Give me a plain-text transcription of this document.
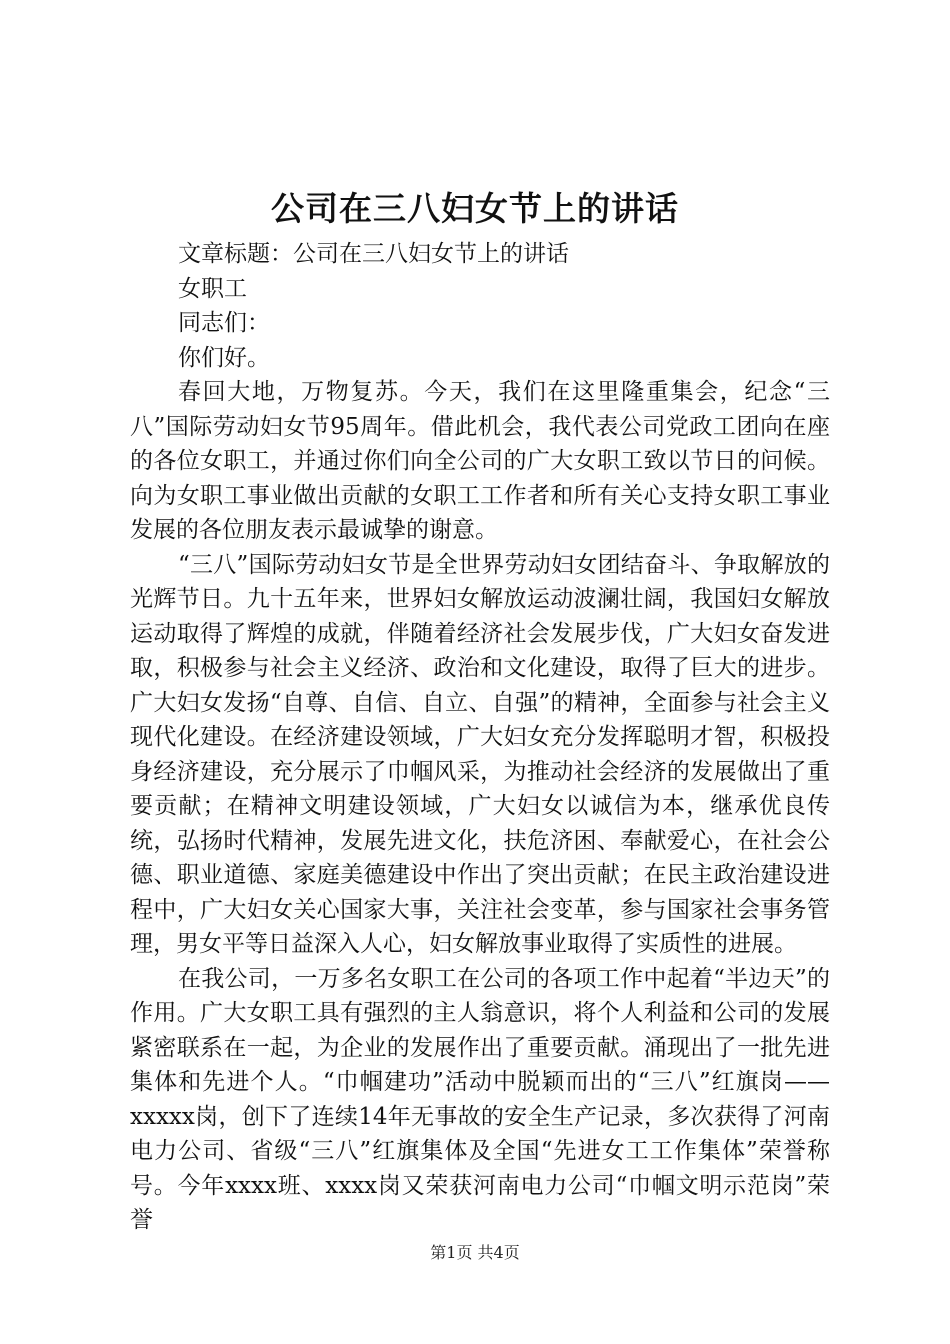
公司在三八妇女节上的讲话

文章标题：公司在三八妇女节上的讲话

女职工

同志们：

你们好。

春回大地，万物复苏。今天，我们在这里隆重集会，纪念“三八”国际劳动妇女节95周年。借此机会，我代表公司党政工团向在座的各位女职工，并通过你们向全公司的广大女职工致以节日的问候。向为女职工事业做出贡献的女职工工作者和所有关心支持女职工事业发展的各位朋友表示最诚挚的谢意。

“三八”国际劳动妇女节是全世界劳动妇女团结奋斗、争取解放的光辉节日。九十五年来，世界妇女解放运动波澜壮阔，我国妇女解放运动取得了辉煌的成就，伴随着经济社会发展步伐，广大妇女奋发进取，积极参与社会主义经济、政治和文化建设，取得了巨大的进步。广大妇女发扬“自尊、自信、自立、自强”的精神，全面参与社会主义现代化建设。在经济建设领域，广大妇女充分发挥聪明才智，积极投身经济建设，充分展示了巾帼风采，为推动社会经济的发展做出了重要贡献；在精神文明建设领域，广大妇女以诚信为本，继承优良传统，弘扬时代精神，发展先进文化，扶危济困、奉献爱心，在社会公德、职业道德、家庭美德建设中作出了突出贡献；在民主政治建设进程中，广大妇女关心国家大事，关注社会变革，参与国家社会事务管理，男女平等日益深入人心，妇女解放事业取得了实质性的进展。

在我公司，一万多名女职工在公司的各项工作中起着“半边天”的作用。广大女职工具有强烈的主人翁意识，将个人利益和公司的发展紧密联系在一起，为企业的发展作出了重要贡献。涌现出了一批先进集体和先进个人。“巾帼建功”活动中脱颖而出的“三八”红旗岗——xxxxx岗，创下了连续14年无事故的安全生产记录，多次获得了河南电力公司、省级“三八”红旗集体及全国“先进女工工作集体”荣誉称号。今年xxxx班、xxxx岗又荣获河南电力公司“巾帼文明示范岗”荣誉

第1页 共4页
